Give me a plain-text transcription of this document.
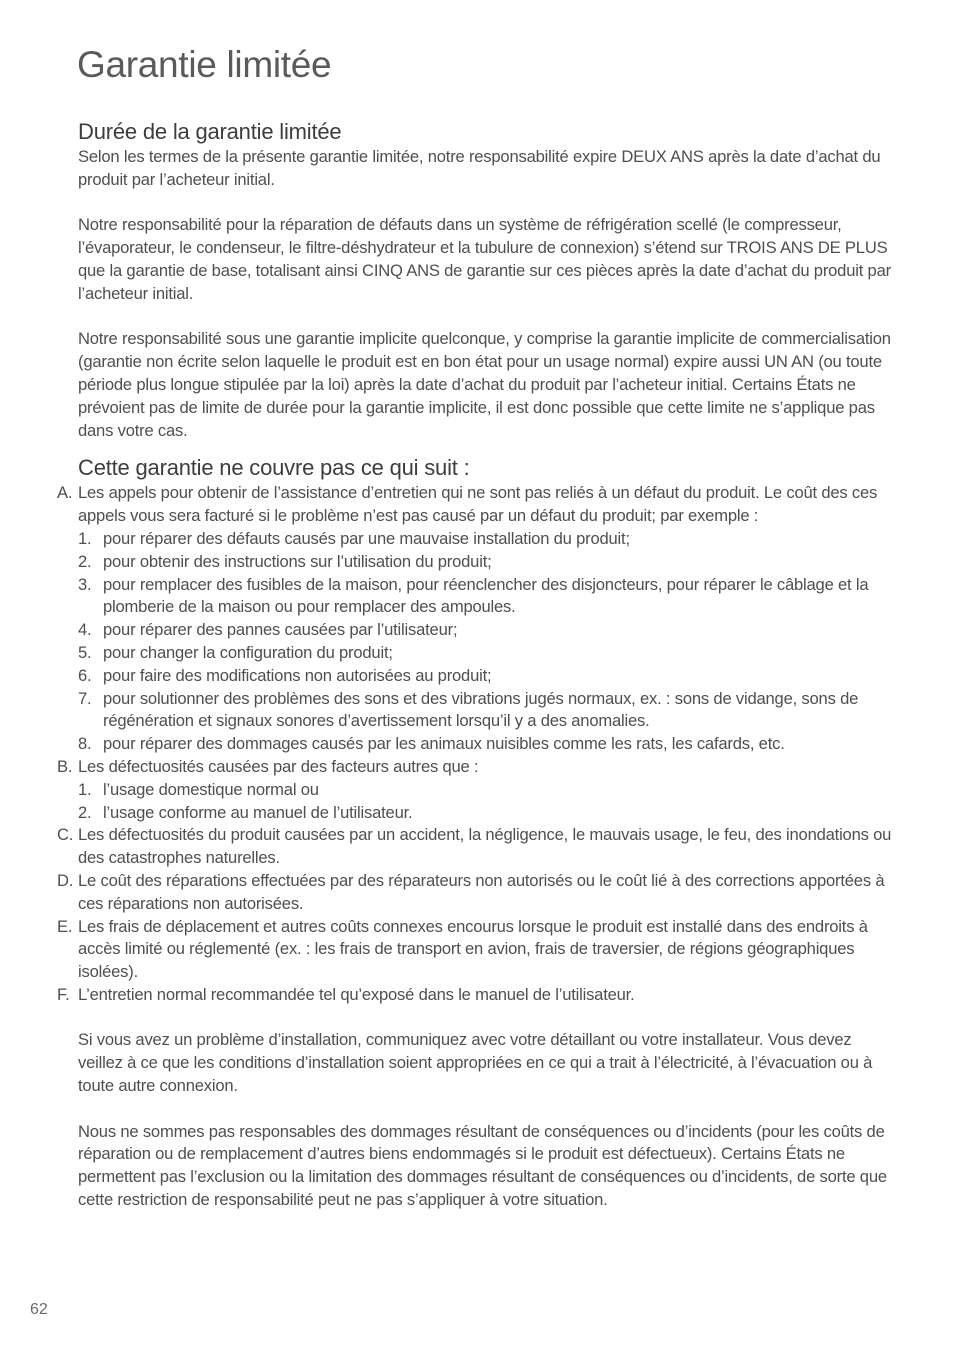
Garantie limitée
Durée de la garantie limitée

Selon les termes de la présente garantie limitée, notre responsabilité expire DEUX ANS après la date d’achat du produit par l’acheteur initial.

Notre responsabilité pour la réparation de défauts dans un système de réfrigération scellé (le compresseur, l’évaporateur, le condenseur, le filtre-déshydrateur et la tubulure de connexion) s’étend sur TROIS ANS DE PLUS que la garantie de base, totalisant ainsi CINQ ANS de garantie sur ces pièces après la date d’achat du produit par l’acheteur initial.

Notre responsabilité sous une garantie implicite quelconque, y comprise la garantie implicite de commercialisation (garantie non écrite selon laquelle le produit est en bon état pour un usage normal) expire aussi UN AN (ou toute période plus longue stipulée par la loi) après la date d’achat du produit par l’acheteur initial. Certains États ne prévoient pas de limite de durée pour la garantie implicite, il est donc possible que cette limite ne s’applique pas dans votre cas.

Cette garantie ne couvre pas ce qui suit :
A. Les appels pour obtenir de l’assistance d’entretien qui ne sont pas reliés à un défaut du produit. Le coût des ces appels vous sera facturé si le problème n’est pas causé par un défaut du produit; par exemple :
1. pour réparer des défauts causés par une mauvaise installation du produit;
2. pour obtenir des instructions sur l’utilisation du produit;
3. pour remplacer des fusibles de la maison, pour réenclencher des disjoncteurs, pour réparer le câblage et la plomberie de la maison ou pour remplacer des ampoules.
4. pour réparer des pannes causées par l’utilisateur;
5. pour changer la configuration du produit;
6. pour faire des modifications non autorisées au produit;
7. pour solutionner des problèmes des sons et des vibrations jugés normaux, ex. : sons de vidange, sons de régénération et signaux sonores d’avertissement lorsqu’il y a des anomalies.
8. pour réparer des dommages causés par les animaux nuisibles comme les rats, les cafards, etc.
B. Les défectuosités causées par des facteurs autres que :
1. l’usage domestique normal ou
2. l’usage conforme au manuel de l’utilisateur.
C. Les défectuosités du produit causées par un accident, la négligence, le mauvais usage, le feu, des inondations ou des catastrophes naturelles.
D. Le coût des réparations effectuées par des réparateurs non autorisés ou le coût lié à des corrections apportées à ces réparations non autorisées.
E. Les frais de déplacement et autres coûts connexes encourus lorsque le produit est installé dans des endroits à accès limité ou réglementé (ex. : les frais de transport en avion, frais de traversier, de régions géographiques isolées).
F. L’entretien normal recommandée tel qu’exposé dans le manuel de l’utilisateur.

Si vous avez un problème d’installation, communiquez avec votre détaillant ou votre installateur. Vous devez veillez à ce que les conditions d’installation soient appropriées en ce qui a trait à l’électricité, à l’évacuation ou à toute autre connexion.

Nous ne sommes pas responsables des dommages résultant de conséquences ou d’incidents (pour les coûts de réparation ou de remplacement d’autres biens endommagés si le produit est défectueux). Certains États ne permettent pas l’exclusion ou la limitation des dommages résultant de conséquences ou d’incidents, de sorte que cette restriction de responsabilité peut ne pas s’appliquer à votre situation.

62
